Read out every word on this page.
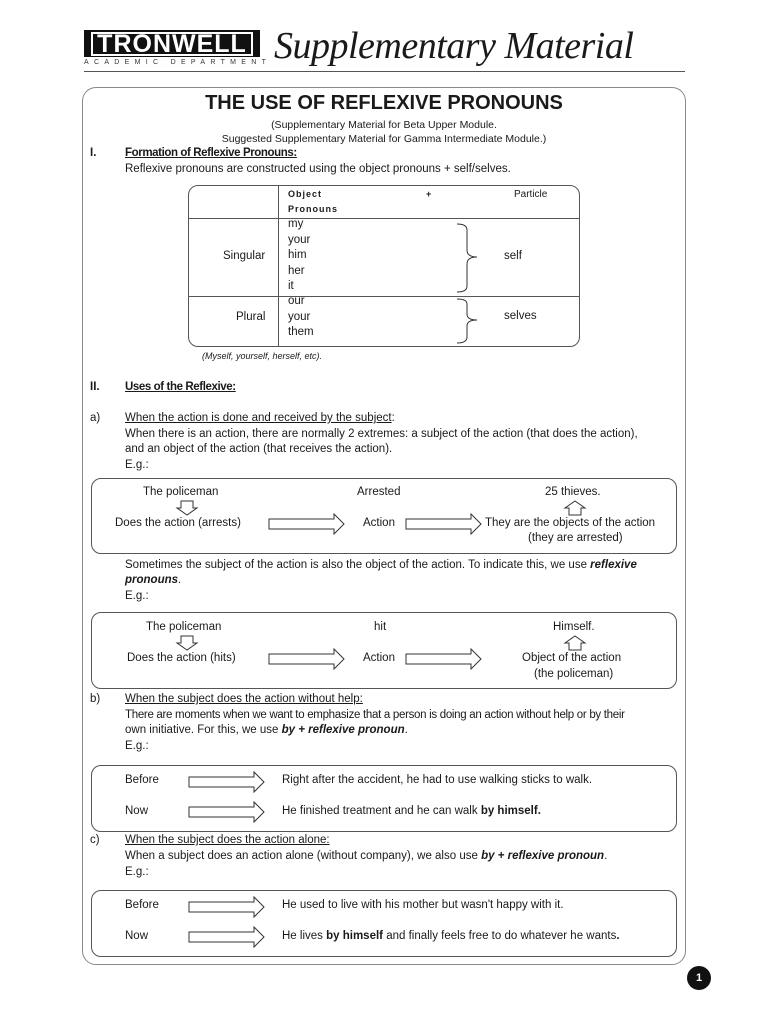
TRONWELL
ACADEMIC DEPARTMENT Supplementary Material
THE USE OF REFLEXIVE PRONOUNS
(Supplementary Material for Beta Upper Module.
Suggested Supplementary Material for Gamma Intermediate Module.)
I. Formation of Reflexive Pronouns:
Reflexive pronouns are constructed using the object pronouns + self/selves.
Object
Pronouns
+	Particle
Singular
my
your
him
her
it
self
Plural
our
your
them
selves
(Myself, yourself, herself, etc).
II. Uses of the Reflexive:
a) When the action is done and received by the subject:
When there is an action, there are normally 2 extremes: a subject of the action (that does the action),
and an object of the action (that receives the action).
E.g.:
The policeman	Arrested	25 thieves.
Does the action (arrests)	Action	They are the objects of the action
(they are arrested)
Sometimes the subject of the action is also the object of the action. To indicate this, we use reflexive
pronouns.
E.g.:
The policeman	hit	Himself.
Does the action (hits)	Action	Object of the action
(the policeman)
b) When the subject does the action without help:
There are moments when we want to emphasize that a person is doing an action without help or by their
own initiative. For this, we use by + reflexive pronoun.
E.g.:
Before	Right after the accident, he had to use walking sticks to walk.
Now	He finished treatment and he can walk by himself.
c) When the subject does the action alone:
When a subject does an action alone (without company), we also use by + reflexive pronoun.
E.g.:
Before	He used to live with his mother but wasn't happy with it.
Now	He lives by himself and finally feels free to do whatever he wants.
1
